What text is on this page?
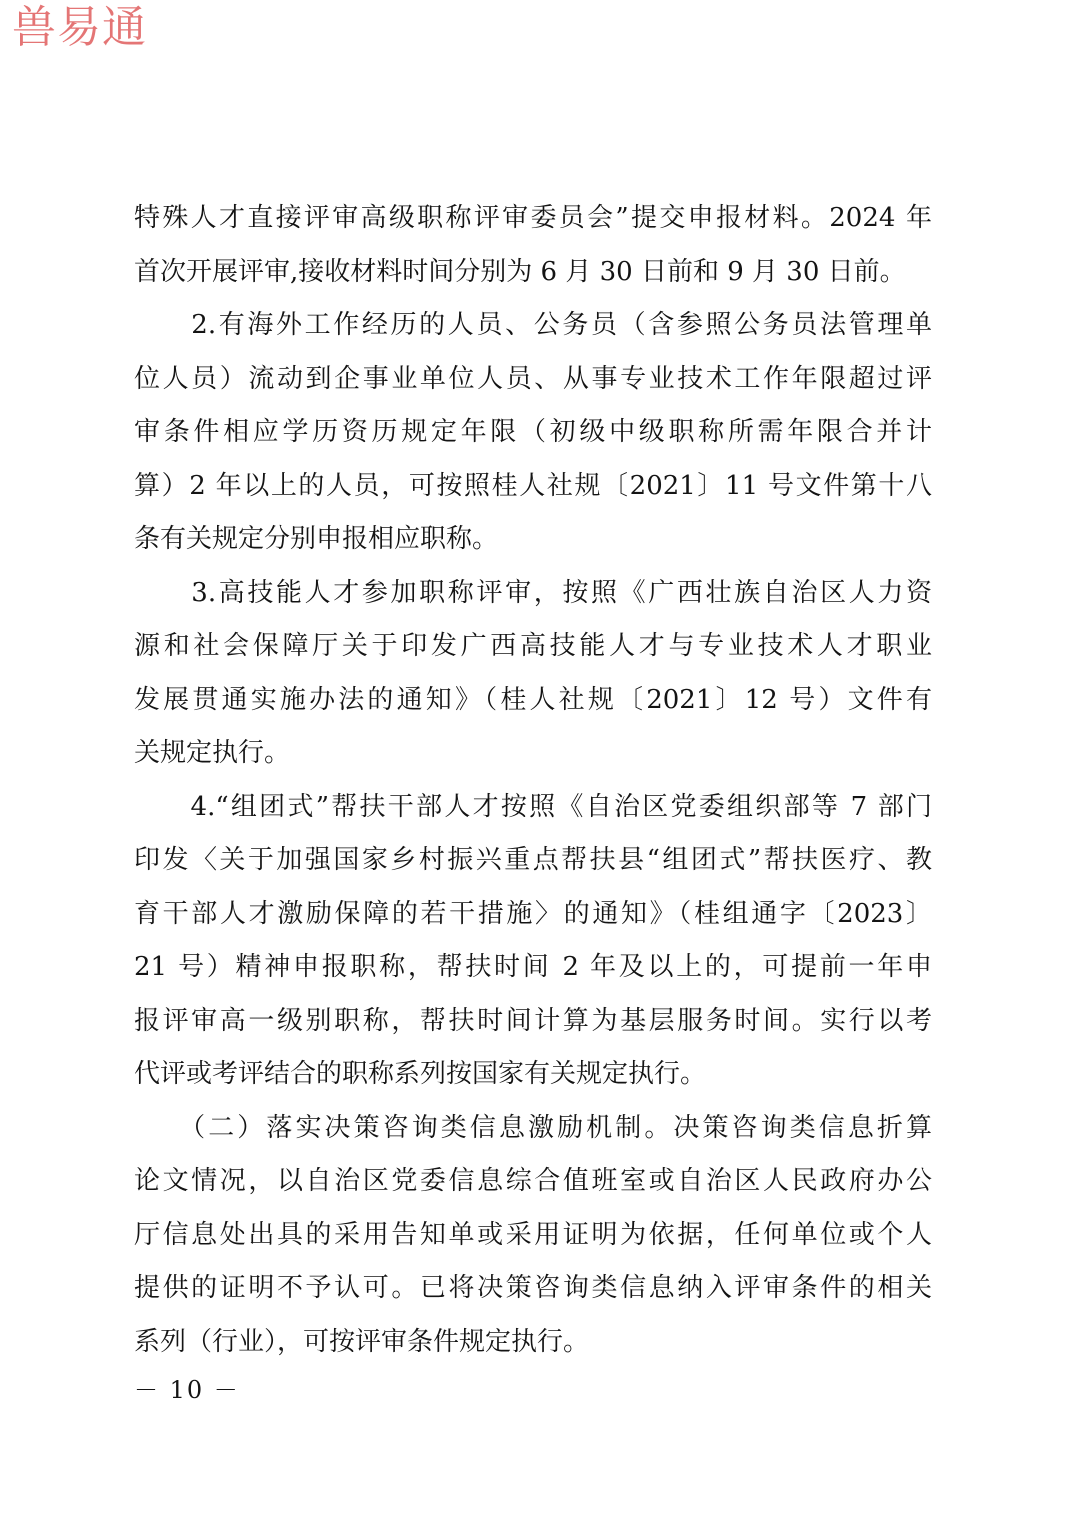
兽易通
特殊人才直接评审高级职称评审委员会”提交申报材料。2024 年
首次开展评审,接收材料时间分别为 6 月 30 日前和 9 月 30 日前。
　　2.有海外工作经历的人员、公务员（含参照公务员法管理单
位人员）流动到企事业单位人员、从事专业技术工作年限超过评
审条件相应学历资历规定年限（初级中级职称所需年限合并计
算）2 年以上的人员，可按照桂人社规〔2021〕11 号文件第十八
条有关规定分别申报相应职称。
　　3.高技能人才参加职称评审，按照《广西壮族自治区人力资
源和社会保障厅关于印发广西高技能人才与专业技术人才职业
发展贯通实施办法的通知》（桂人社规〔2021〕12 号）文件有
关规定执行。
　　4.“组团式”帮扶干部人才按照《自治区党委组织部等 7 部门
印发〈关于加强国家乡村振兴重点帮扶县“组团式”帮扶医疗、教
育干部人才激励保障的若干措施〉的通知》（桂组通字〔2023〕
21 号）精神申报职称，帮扶时间 2 年及以上的，可提前一年申
报评审高一级别职称，帮扶时间计算为基层服务时间。实行以考
代评或考评结合的职称系列按国家有关规定执行。
　　（二）落实决策咨询类信息激励机制。决策咨询类信息折算
论文情况，以自治区党委信息综合值班室或自治区人民政府办公
厅信息处出具的采用告知单或采用证明为依据，任何单位或个人
提供的证明不予认可。已将决策咨询类信息纳入评审条件的相关
系列（行业），可按评审条件规定执行。
－ 10 －
